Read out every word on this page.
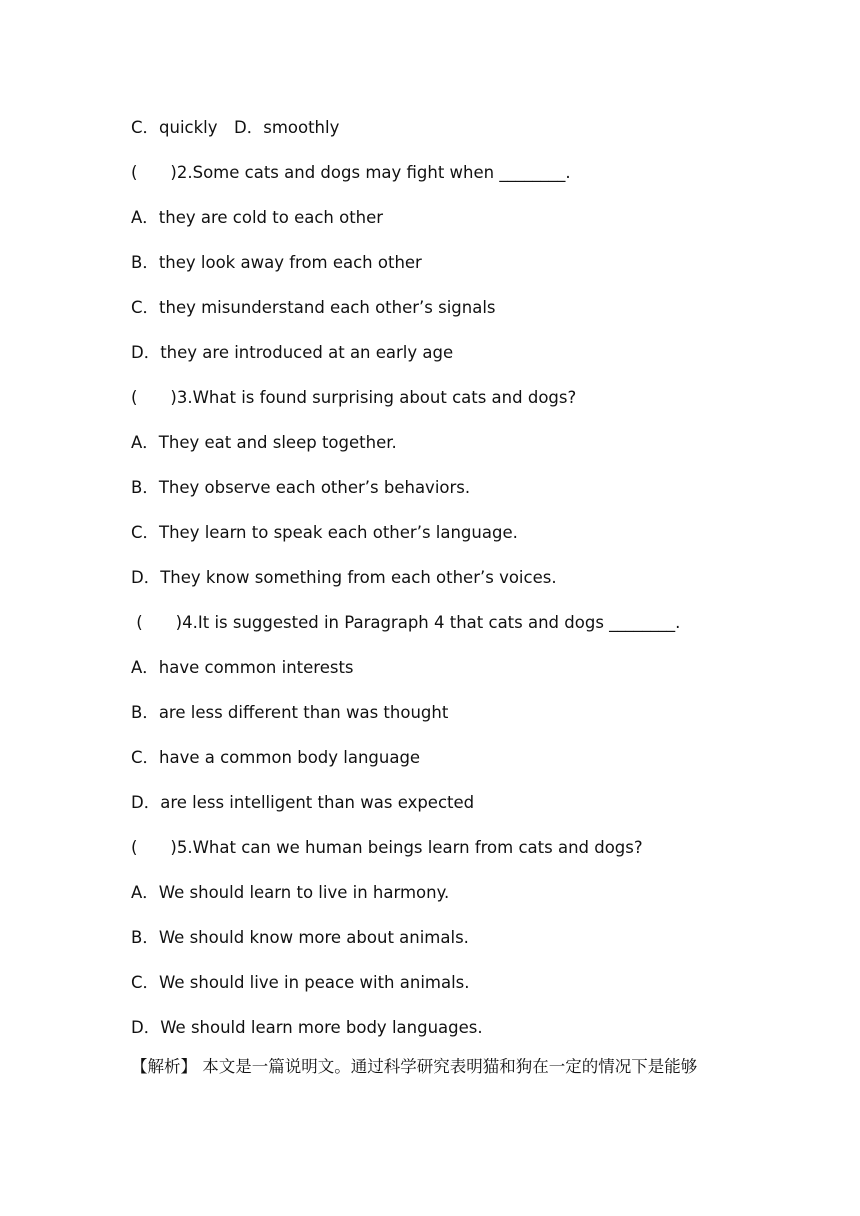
C．quickly　D．smoothly
(　　)2.Some cats and dogs may fight when ________.
A．they are cold to each other
B．they look away from each other
C．they misunderstand each other’s signals
D．they are introduced at an early age
(　　)3.What is found surprising about cats and dogs?
A．They eat and sleep together.
B．They observe each other’s behaviors.
C．They learn to speak each other’s language.
D．They know something from each other’s voices.
(　　)4.It is suggested in Paragraph 4 that cats and dogs ________.
A．have common interests
B．are less different than was thought
C．have a common body language
D．are less intelligent than was expected
(　　)5.What can we human beings learn from cats and dogs?
A．We should learn to live in harmony.
B．We should know more about animals.
C．We should live in peace with animals.
D．We should learn more body languages.
【解析】 本文是一篇说明文。通过科学研究表明猫和狗在一定的情况下是能够
